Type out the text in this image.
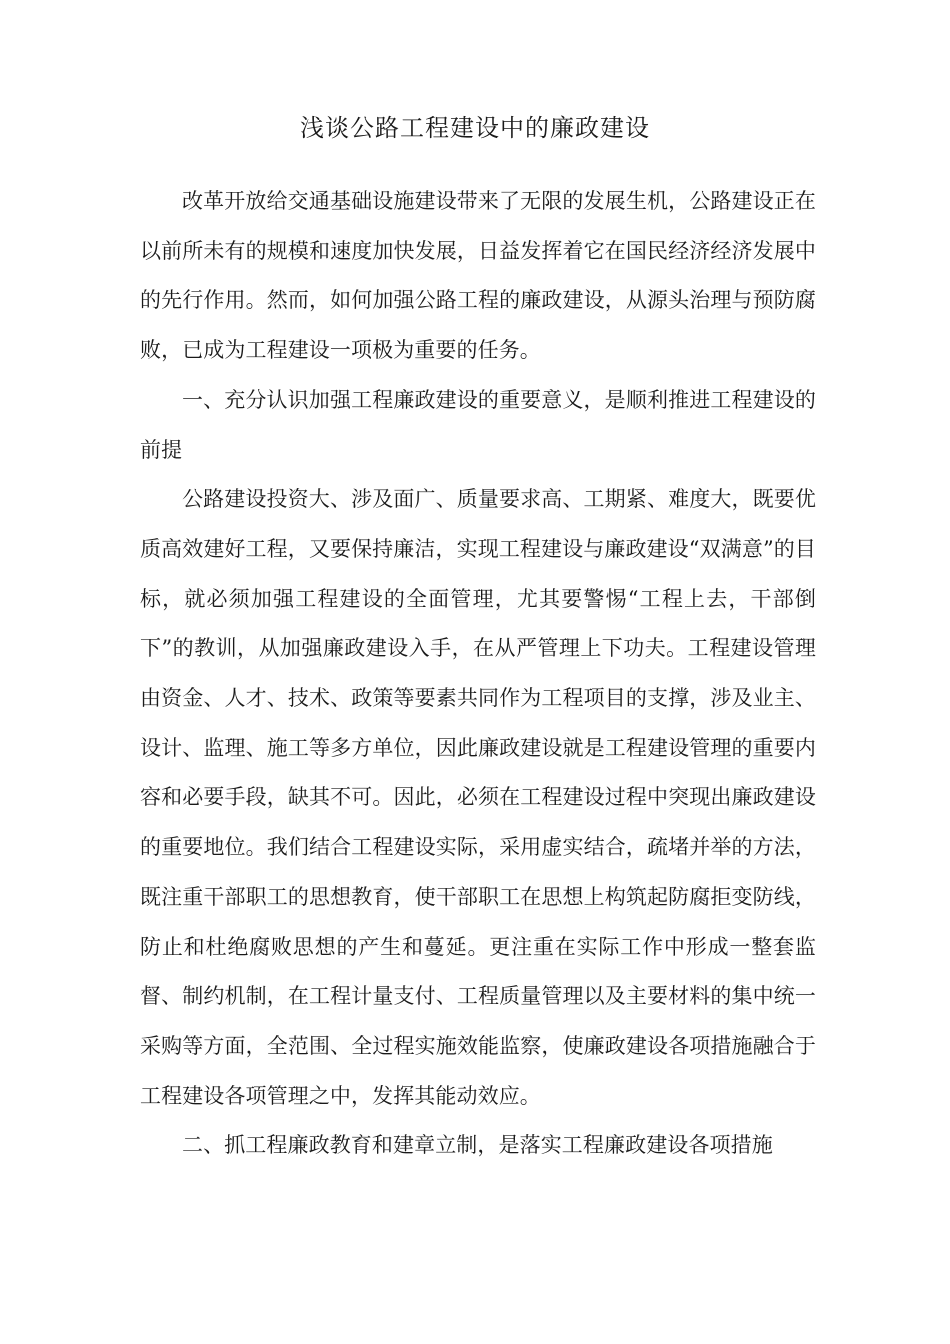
浅谈公路工程建设中的廉政建设

改革开放给交通基础设施建设带来了无限的发展生机，公路建设正在以前所未有的规模和速度加快发展，日益发挥着它在国民经济经济发展中的先行作用。然而，如何加强公路工程的廉政建设，从源头治理与预防腐败，已成为工程建设一项极为重要的任务。

一、充分认识加强工程廉政建设的重要意义，是顺利推进工程建设的前提

公路建设投资大、涉及面广、质量要求高、工期紧、难度大，既要优质高效建好工程，又要保持廉洁，实现工程建设与廉政建设“双满意”的目标，就必须加强工程建设的全面管理，尤其要警惕“工程上去，干部倒下”的教训，从加强廉政建设入手，在从严管理上下功夫。工程建设管理由资金、人才、技术、政策等要素共同作为工程项目的支撑，涉及业主、设计、监理、施工等多方单位，因此廉政建设就是工程建设管理的重要内容和必要手段，缺其不可。因此，必须在工程建设过程中突现出廉政建设的重要地位。我们结合工程建设实际，采用虚实结合，疏堵并举的方法，既注重干部职工的思想教育，使干部职工在思想上构筑起防腐拒变防线，防止和杜绝腐败思想的产生和蔓延。更注重在实际工作中形成一整套监督、制约机制，在工程计量支付、工程质量管理以及主要材料的集中统一采购等方面，全范围、全过程实施效能监察，使廉政建设各项措施融合于工程建设各项管理之中，发挥其能动效应。

二、抓工程廉政教育和建章立制，是落实工程廉政建设各项措施
